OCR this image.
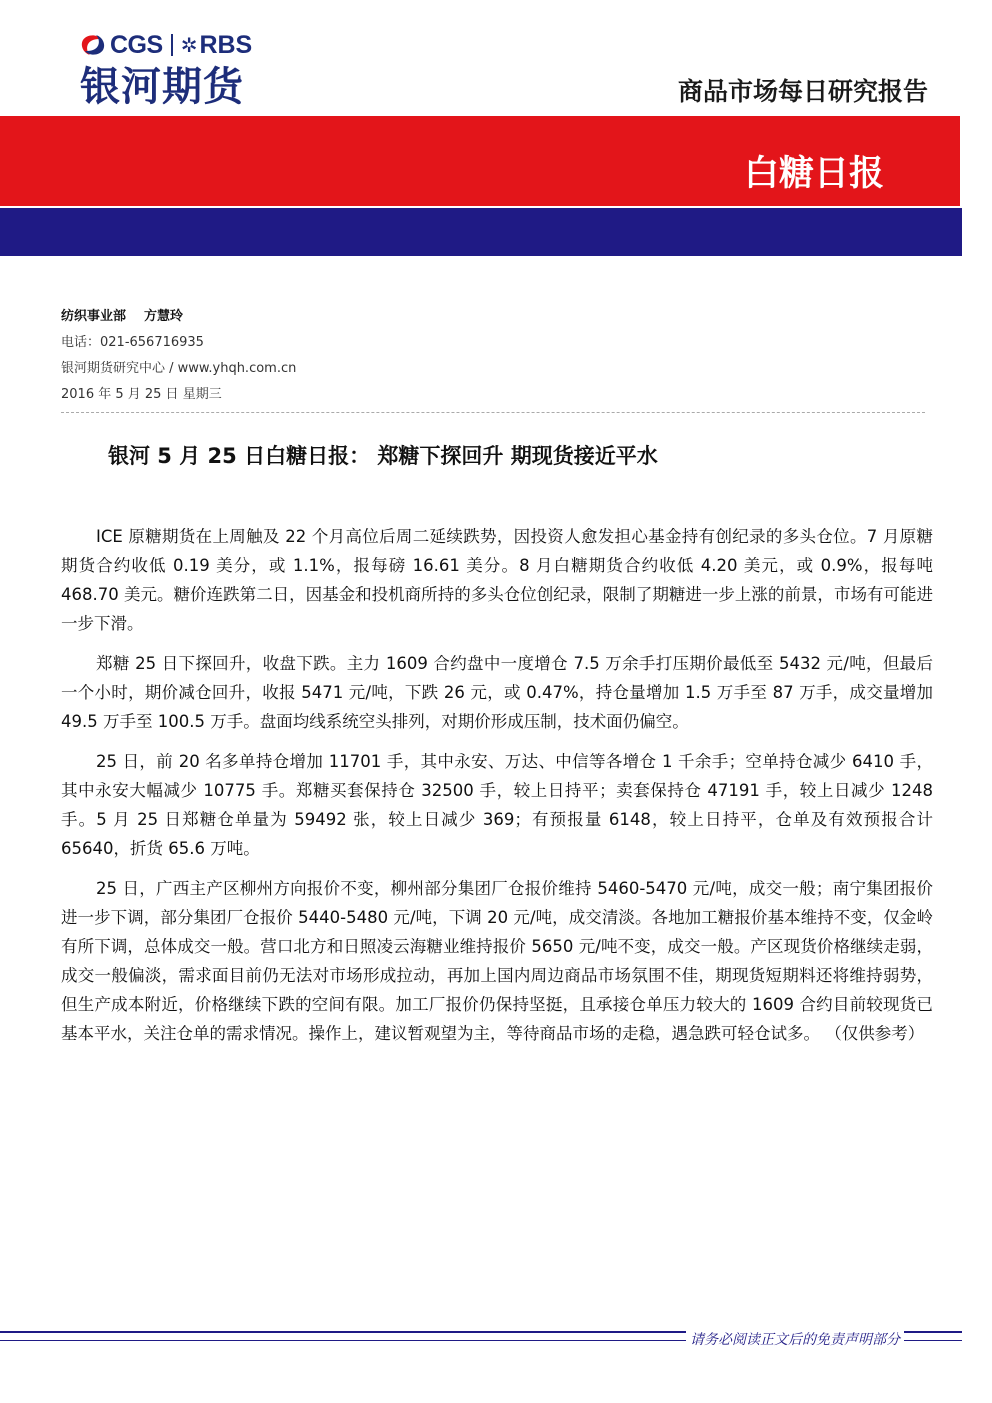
CGS ✲ RBS
银河期货	商品市场每日研究报告
白糖日报
纺织事业部 方慧玲
电话：021-656716935
银河期货研究中心 / www.yhqh.com.cn
2016 年 5 月 25 日 星期三
银河 5 月 25 日白糖日报： 郑糖下探回升 期现货接近平水

ICE 原糖期货在上周触及 22 个月高位后周二延续跌势，因投资人愈发担心基金持有创纪录的多头仓位。7 月原糖期货合约收低 0.19 美分，或 1.1%，报每磅 16.61 美分。8 月白糖期货合约收低 4.20 美元，或 0.9%，报每吨 468.70 美元。糖价连跌第二日，因基金和投机商所持的多头仓位创纪录，限制了期糖进一步上涨的前景，市场有可能进一步下滑。

郑糖 25 日下探回升，收盘下跌。主力 1609 合约盘中一度增仓 7.5 万余手打压期价最低至 5432 元/吨，但最后一个小时，期价减仓回升，收报 5471 元/吨，下跌 26 元，或 0.47%，持仓量增加 1.5 万手至 87 万手，成交量增加 49.5 万手至 100.5 万手。盘面均线系统空头排列，对期价形成压制，技术面仍偏空。

25 日，前 20 名多单持仓增加 11701 手，其中永安、万达、中信等各增仓 1 千余手；空单持仓减少 6410 手，其中永安大幅减少 10775 手。郑糖买套保持仓 32500 手，较上日持平；卖套保持仓 47191 手，较上日减少 1248 手。5 月 25 日郑糖仓单量为 59492 张，较上日减少 369；有预报量 6148，较上日持平，仓单及有效预报合计 65640，折货 65.6 万吨。

25 日，广西主产区柳州方向报价不变，柳州部分集团厂仓报价维持 5460-5470 元/吨，成交一般；南宁集团报价进一步下调，部分集团厂仓报价 5440-5480 元/吨，下调 20 元/吨，成交清淡。各地加工糖报价基本维持不变，仅金岭有所下调，总体成交一般。营口北方和日照凌云海糖业维持报价 5650 元/吨不变，成交一般。产区现货价格继续走弱，成交一般偏淡，需求面目前仍无法对市场形成拉动，再加上国内周边商品市场氛围不佳，期现货短期料还将维持弱势，但生产成本附近，价格继续下跌的空间有限。加工厂报价仍保持坚挺，且承接仓单压力较大的 1609 合约目前较现货已基本平水，关注仓单的需求情况。操作上，建议暂观望为主，等待商品市场的走稳，遇急跌可轻仓试多。 （仅供参考）

请务必阅读正文后的免责声明部分
